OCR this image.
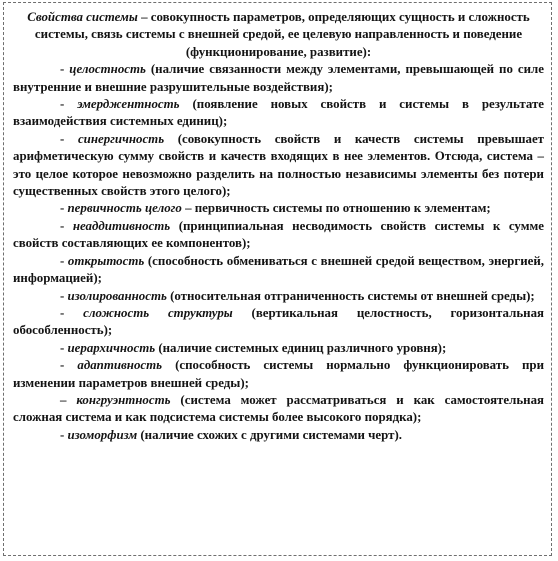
Свойства системы – совокупность параметров, определяющих сущность и сложность системы, связь системы с внешней средой, ее целевую направленность и поведение (функционирование, развитие):

- целостность (наличие связанности между элементами, превышающей по силе внутренние и внешние разрушительные воздействия);

- эмерджентность (появление новых свойств и системы в результате взаимодействия системных единиц);

- синергичность (совокупность свойств и качеств системы превышает арифметическую сумму свойств и качеств входящих в нее элементов. Отсюда, система – это целое которое невозможно разделить на полностью независимы элементы без потери существенных свойств этого целого);

- первичность целого – первичность системы по отношению к элементам;

- неаддитивность (принципиальная несводимость свойств системы к сумме свойств составляющих ее компонентов);

- открытость (способность обмениваться с внешней средой веществом, энергией, информацией);

- изолированность (относительная отграниченность системы от внешней среды);

- сложность структуры (вертикальная целостность, горизонтальная обособленность);

- иерархичность (наличие системных единиц различного уровня);

- адаптивность (способность системы нормально функционировать при изменении параметров внешней среды);

– конгруэнтность (система может рассматриваться и как самостоятельная сложная система и как подсистема системы более высокого порядка);

- изоморфизм (наличие схожих с другими системами черт).
